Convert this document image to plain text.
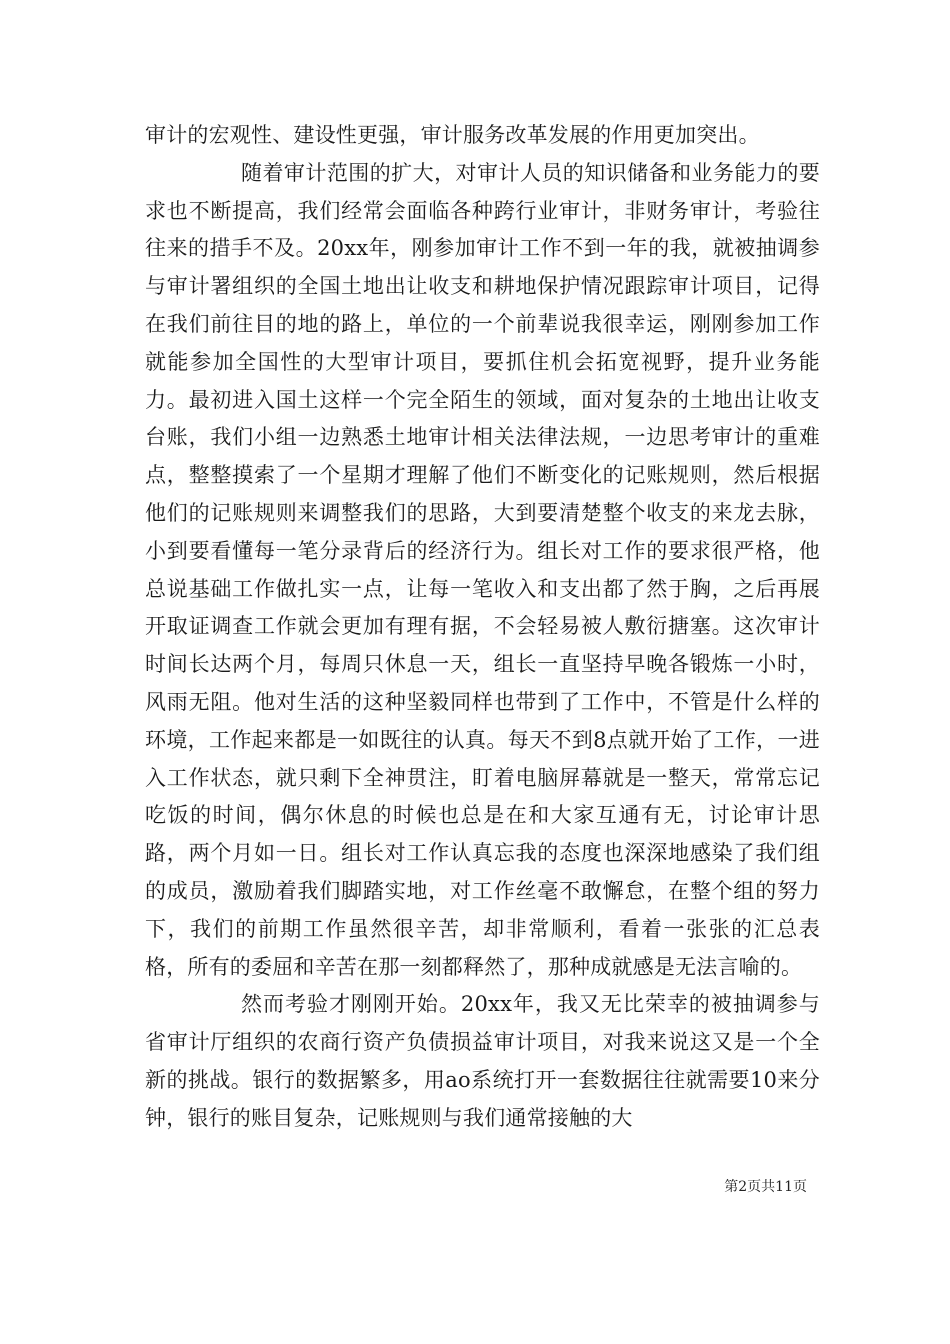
审计的宏观性、建设性更强，审计服务改革发展的作用更加突出。

随着审计范围的扩大，对审计人员的知识储备和业务能力的要求也不断提高，我们经常会面临各种跨行业审计，非财务审计，考验往往来的措手不及。20xx年，刚参加审计工作不到一年的我，就被抽调参与审计署组织的全国土地出让收支和耕地保护情况跟踪审计项目，记得在我们前往目的地的路上，单位的一个前辈说我很幸运，刚刚参加工作就能参加全国性的大型审计项目，要抓住机会拓宽视野，提升业务能力。最初进入国土这样一个完全陌生的领域，面对复杂的土地出让收支台账，我们小组一边熟悉土地审计相关法律法规，一边思考审计的重难点，整整摸索了一个星期才理解了他们不断变化的记账规则，然后根据他们的记账规则来调整我们的思路，大到要清楚整个收支的来龙去脉，小到要看懂每一笔分录背后的经济行为。组长对工作的要求很严格，他总说基础工作做扎实一点，让每一笔收入和支出都了然于胸，之后再展开取证调查工作就会更加有理有据，不会轻易被人敷衍搪塞。这次审计时间长达两个月，每周只休息一天，组长一直坚持早晚各锻炼一小时，风雨无阻。他对生活的这种坚毅同样也带到了工作中，不管是什么样的环境，工作起来都是一如既往的认真。每天不到8点就开始了工作，一进入工作状态，就只剩下全神贯注，盯着电脑屏幕就是一整天，常常忘记吃饭的时间，偶尔休息的时候也总是在和大家互通有无，讨论审计思路，两个月如一日。组长对工作认真忘我的态度也深深地感染了我们组的成员，激励着我们脚踏实地，对工作丝毫不敢懈怠，在整个组的努力下，我们的前期工作虽然很辛苦，却非常顺利，看着一张张的汇总表格，所有的委屈和辛苦在那一刻都释然了，那种成就感是无法言喻的。

然而考验才刚刚开始。20xx年，我又无比荣幸的被抽调参与省审计厅组织的农商行资产负债损益审计项目，对我来说这又是一个全新的挑战。银行的数据繁多，用ao系统打开一套数据往往就需要10来分钟，银行的账目复杂，记账规则与我们通常接触的大

第2页共11页
